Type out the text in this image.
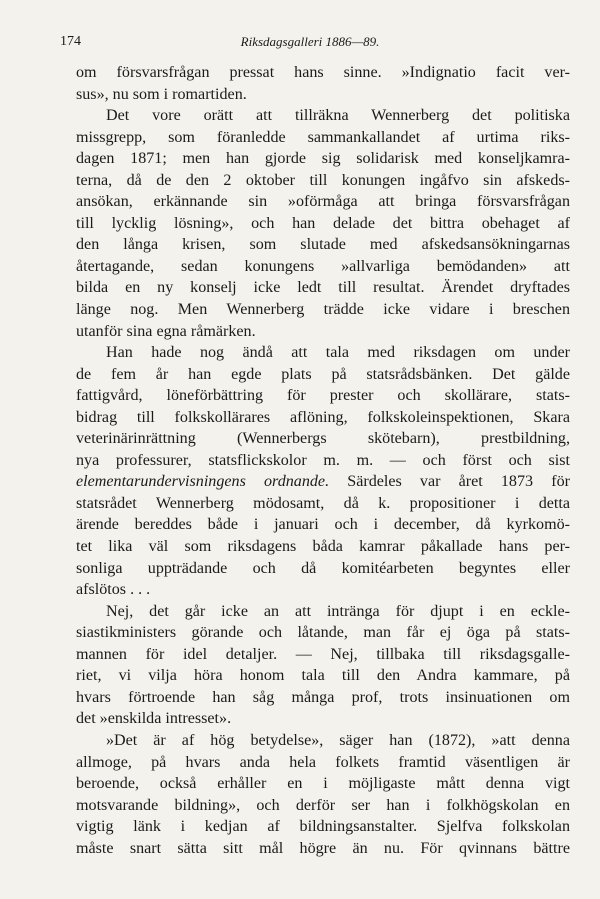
174	Riksdagsgalleri 1886—89.
om försvarsfrågan pressat hans sinne. »Indignatio facit ver-
sus», nu som i romartiden.
Det vore orätt att tillräkna Wennerberg det politiska
missgrepp, som föranledde sammankallandet af urtima riks-
dagen 1871; men han gjorde sig solidarisk med konseljkamra-
terna, då de den 2 oktober till konungen ingåfvo sin afskeds-
ansökan, erkännande sin »oförmåga att bringa försvarsfrågan
till lycklig lösning», och han delade det bittra obehaget af
den långa krisen, som slutade med afskedsansökningarnas
återtagande, sedan konungens »allvarliga bemödanden» att
bilda en ny konselj icke ledt till resultat. Ärendet dryftades
länge nog. Men Wennerberg trädde icke vidare i breschen
utanför sina egna råmärken.
Han hade nog ändå att tala med riksdagen om under
de fem år han egde plats på statsrådsbänken. Det gälde
fattigvård, löneförbättring för prester och skollärare, stats-
bidrag till folkskollärares aflöning, folkskoleinspektionen, Skara
veterinärinrättning (Wennerbergs skötebarn), prestbildning,
nya professurer, statsflickskolor m. m. — och först och sist
elementarundervisningens ordnande. Särdeles var året 1873 för
statsrådet Wennerberg mödosamt, då k. propositioner i detta
ärende bereddes både i januari och i december, då kyrkomö-
tet lika väl som riksdagens båda kamrar påkallade hans per-
sonliga uppträdande och då komitéarbeten begyntes eller
afslötos . . .
Nej, det går icke an att inträngа för djupt i en eckle-
siastikministers görande och låtande, man får ej öga på stats-
mannen för idel detaljer. — Nej, tillbaka till riksdagsgalle-
riet, vi vilja höra honom tala till den Andra kammare, på
hvars förtroende han såg många prof, trots insinuationen om
det »enskilda intresset».
»Det är af hög betydelse», säger han (1872), »att denna
allmoge, på hvars anda hela folkets framtid väsentligen är
beroende, också erhåller en i möjligaste mått denna vigt
motsvarande bildning», och derför ser han i folkhögskolan en
vigtig länk i kedjan af bildningsanstalter. Sjelfva folkskolan
måste snart sätta sitt mål högre än nu. För qvinnans bättre
